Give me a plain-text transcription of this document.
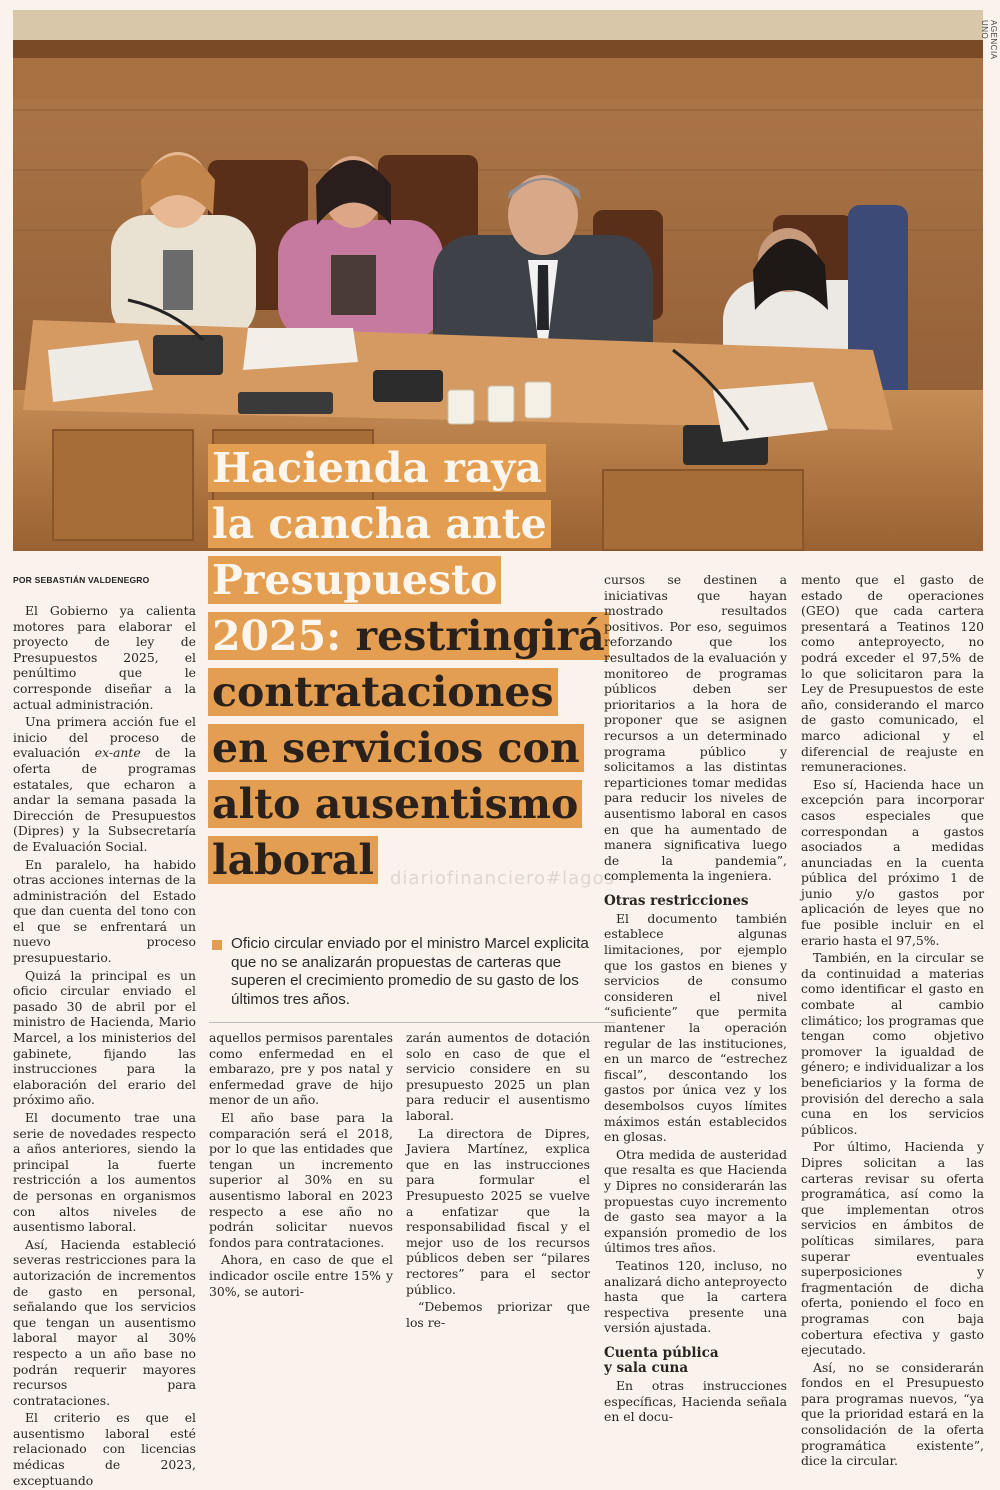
AGENCIA UNO
diariofinanciero#lagos
Hacienda raya
la cancha ante
Presupuesto
2025: restringirá
contrataciones
en servicios con
alto ausentismo
laboral
POR SEBASTIÁN VALDENEGRO
Oficio circular enviado por el ministro Marcel explicita que no se analizarán propuestas de carteras que superen el crecimiento promedio de su gasto de los últimos tres años.

El Gobierno ya calienta motores para elaborar el proyecto de ley de Presupuestos 2025, el penúltimo que le corresponde diseñar a la actual administración.

Una primera acción fue el inicio del proceso de evaluación ex-ante de la oferta de programas estatales, que echaron a andar la semana pasada la Dirección de Presupuestos (Dipres) y la Subsecretaría de Evaluación Social.

En paralelo, ha habido otras acciones internas de la administración del Estado que dan cuenta del tono con el que se enfrentará un nuevo proceso presupuestario.

Quizá la principal es un oficio circular enviado el pasado 30 de abril por el ministro de Hacienda, Mario Marcel, a los ministerios del gabinete, fijando las instrucciones para la elaboración del erario del próximo año.

El documento trae una serie de novedades respecto a años anteriores, siendo la principal la fuerte restricción a los aumentos de personas en organismos con altos niveles de ausentismo laboral.

Así, Hacienda estableció severas restricciones para la autorización de incrementos de gasto en personal, señalando que los servicios que tengan un ausentismo laboral mayor al 30% respecto a un año base no podrán requerir mayores recursos para contrataciones.

El criterio es que el ausentismo laboral esté relacionado con licencias médicas de 2023, exceptuando

aquellos permisos parentales como enfermedad en el embarazo, pre y pos natal y enfermedad grave de hijo menor de un año.

El año base para la comparación será el 2018, por lo que las entidades que tengan un incremento superior al 30% en su ausentismo laboral en 2023 respecto a ese año no podrán solicitar nuevos fondos para contrataciones.

Ahora, en caso de que el indicador oscile entre 15% y 30%, se autori-

zarán aumentos de dotación solo en caso de que el servicio considere en su presupuesto 2025 un plan para reducir el ausentismo laboral.

La directora de Dipres, Javiera Martínez, explica que en las instrucciones para formular el Presupuesto 2025 se vuelve a enfatizar que la responsabilidad fiscal y el mejor uso de los recursos públicos deben ser “pilares rectores” para el sector público.

“Debemos priorizar que los re-

cursos se destinen a iniciativas que hayan mostrado resultados positivos. Por eso, seguimos reforzando que los resultados de la evaluación y monitoreo de programas públicos deben ser prioritarios a la hora de proponer que se asignen recursos a un determinado programa público y solicitamos a las distintas reparticiones tomar medidas para reducir los niveles de ausentismo laboral en casos en que ha aumentado de manera significativa luego de la pandemia”, complementa la ingeniera.

Otras restricciones

El documento también establece algunas limitaciones, por ejemplo que los gastos en bienes y servicios de consumo consideren el nivel “suficiente” que permita mantener la operación regular de las instituciones, en un marco de “estrechez fiscal”, descontando los gastos por única vez y los desembolsos cuyos límites máximos están establecidos en glosas.

Otra medida de austeridad que resalta es que Hacienda y Dipres no considerarán las propuestas cuyo incremento de gasto sea mayor a la expansión promedio de los últimos tres años.

Teatinos 120, incluso, no analizará dicho anteproyecto hasta que la cartera respectiva presente una versión ajustada.

Cuenta pública
y sala cuna

En otras instrucciones específicas, Hacienda señala en el docu-

mento que el gasto de estado de operaciones (GEO) que cada cartera presentará a Teatinos 120 como anteproyecto, no podrá exceder el 97,5% de lo que solicitaron para la Ley de Presupuestos de este año, considerando el marco de gasto comunicado, el marco adicional y el diferencial de reajuste en remuneraciones.

Eso sí, Hacienda hace un excepción para incorporar casos especiales que correspondan a gastos asociados a medidas anunciadas en la cuenta pública del próximo 1 de junio y/o gastos por aplicación de leyes que no fue posible incluir en el erario hasta el 97,5%.

También, en la circular se da continuidad a materias como identificar el gasto en combate al cambio climático; los programas que tengan como objetivo promover la igualdad de género; e individualizar a los beneficiarios y la forma de provisión del derecho a sala cuna en los servicios públicos.

Por último, Hacienda y Dipres solicitan a las carteras revisar su oferta programática, así como la que implementan otros servicios en ámbitos de políticas similares, para superar eventuales superposiciones y fragmentación de dicha oferta, poniendo el foco en programas con baja cobertura efectiva y gasto ejecutado.

Así, no se considerarán fondos en el Presupuesto para programas nuevos, “ya que la prioridad estará en la consolidación de la oferta programática existente”, dice la circular.
